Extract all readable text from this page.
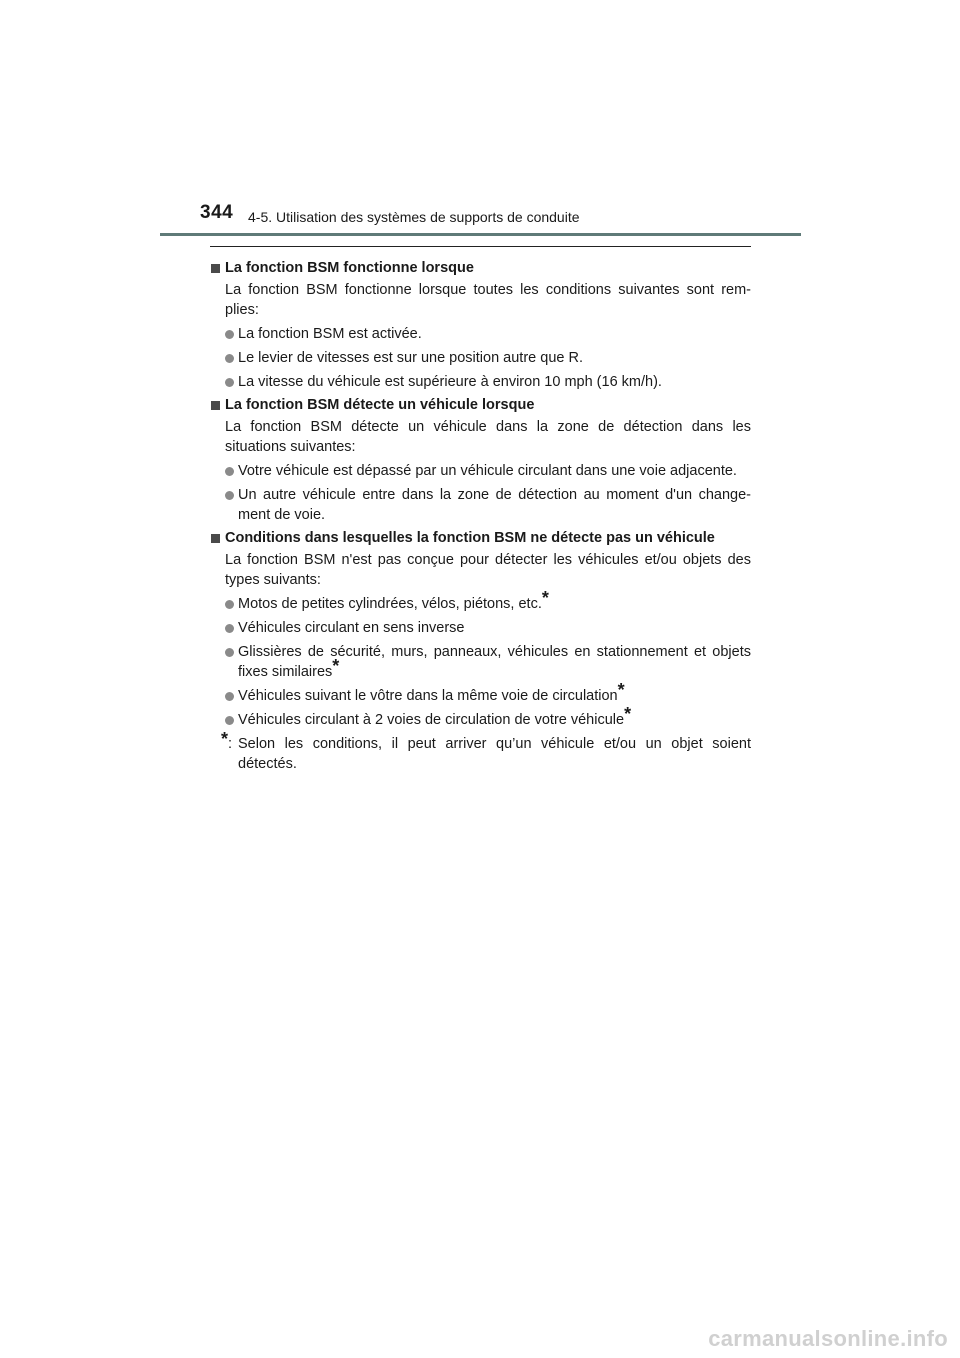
344 4-5. Utilisation des systèmes de supports de conduite
La fonction BSM fonctionne lorsque
La fonction BSM fonctionne lorsque toutes les conditions suivantes sont rem-plies:
La fonction BSM est activée.
Le levier de vitesses est sur une position autre que R.
La vitesse du véhicule est supérieure à environ 10 mph (16 km/h).
La fonction BSM détecte un véhicule lorsque
La fonction BSM détecte un véhicule dans la zone de détection dans les situations suivantes:
Votre véhicule est dépassé par un véhicule circulant dans une voie adjacente.
Un autre véhicule entre dans la zone de détection au moment d'un change-ment de voie.
Conditions dans lesquelles la fonction BSM ne détecte pas un véhicule
La fonction BSM n'est pas conçue pour détecter les véhicules et/ou objets des types suivants:
Motos de petites cylindrées, vélos, piétons, etc.*
Véhicules circulant en sens inverse
Glissières de sécurité, murs, panneaux, véhicules en stationnement et objets fixes similaires*
Véhicules suivant le vôtre dans la même voie de circulation*
Véhicules circulant à 2 voies de circulation de votre véhicule*
*: Selon les conditions, il peut arriver qu’un véhicule et/ou un objet soient détectés.
carmanualsonline.info
